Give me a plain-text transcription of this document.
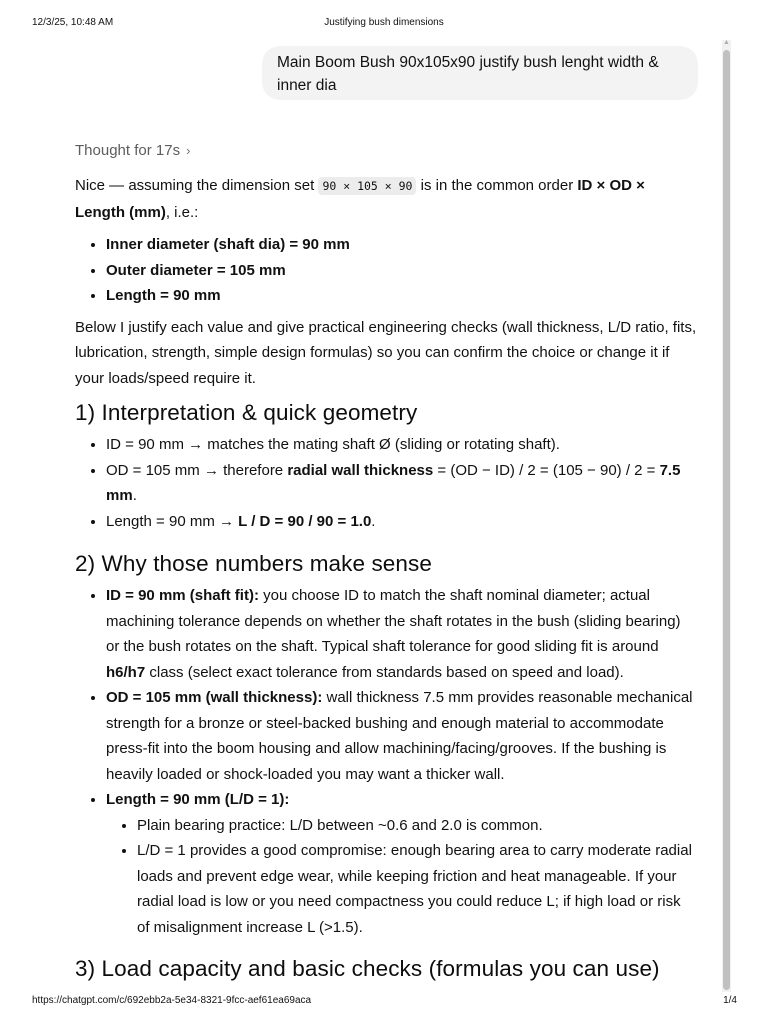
12/3/25, 10:48 AM	Justifying bush dimensions
▲
Main Boom Bush 90x105x90 justify bush lenght width & inner dia
Thought for 17s ›

Nice — assuming the dimension set 90 × 105 × 90 is in the common order ID × OD × Length (mm), i.e.:

• Inner diameter (shaft dia) = 90 mm
• Outer diameter = 105 mm
• Length = 90 mm

Below I justify each value and give practical engineering checks (wall thickness, L/D ratio, fits, lubrication, strength, simple design formulas) so you can confirm the choice or change it if your loads/speed require it.

1) Interpretation & quick geometry
• ID = 90 mm → matches the mating shaft Ø (sliding or rotating shaft).
• OD = 105 mm → therefore radial wall thickness = (OD − ID) / 2 = (105 − 90) / 2 = 7.5 mm.
• Length = 90 mm → L / D = 90 / 90 = 1.0.
2) Why those numbers make sense
• ID = 90 mm (shaft fit): you choose ID to match the shaft nominal diameter; actual machining tolerance depends on whether the shaft rotates in the bush (sliding bearing) or the bush rotates on the shaft. Typical shaft tolerance for good sliding fit is around h6/h7 class (select exact tolerance from standards based on speed and load).
• OD = 105 mm (wall thickness): wall thickness 7.5 mm provides reasonable mechanical strength for a bronze or steel-backed bushing and enough material to accommodate press-fit into the boom housing and allow machining/facing/grooves. If the bushing is heavily loaded or shock-loaded you may want a thicker wall.
• Length = 90 mm (L/D = 1):
• Plain bearing practice: L/D between ~0.6 and 2.0 is common.
• L/D = 1 provides a good compromise: enough bearing area to carry moderate radial loads and prevent edge wear, while keeping friction and heat manageable. If your radial load is low or you need compactness you could reduce L; if high load or risk of misalignment increase L (>1.5).
3) Load capacity and basic checks (formulas you can use)
https://chatgpt.com/c/692ebb2a-5e34-8321-9fcc-aef61ea69aca	1/4
